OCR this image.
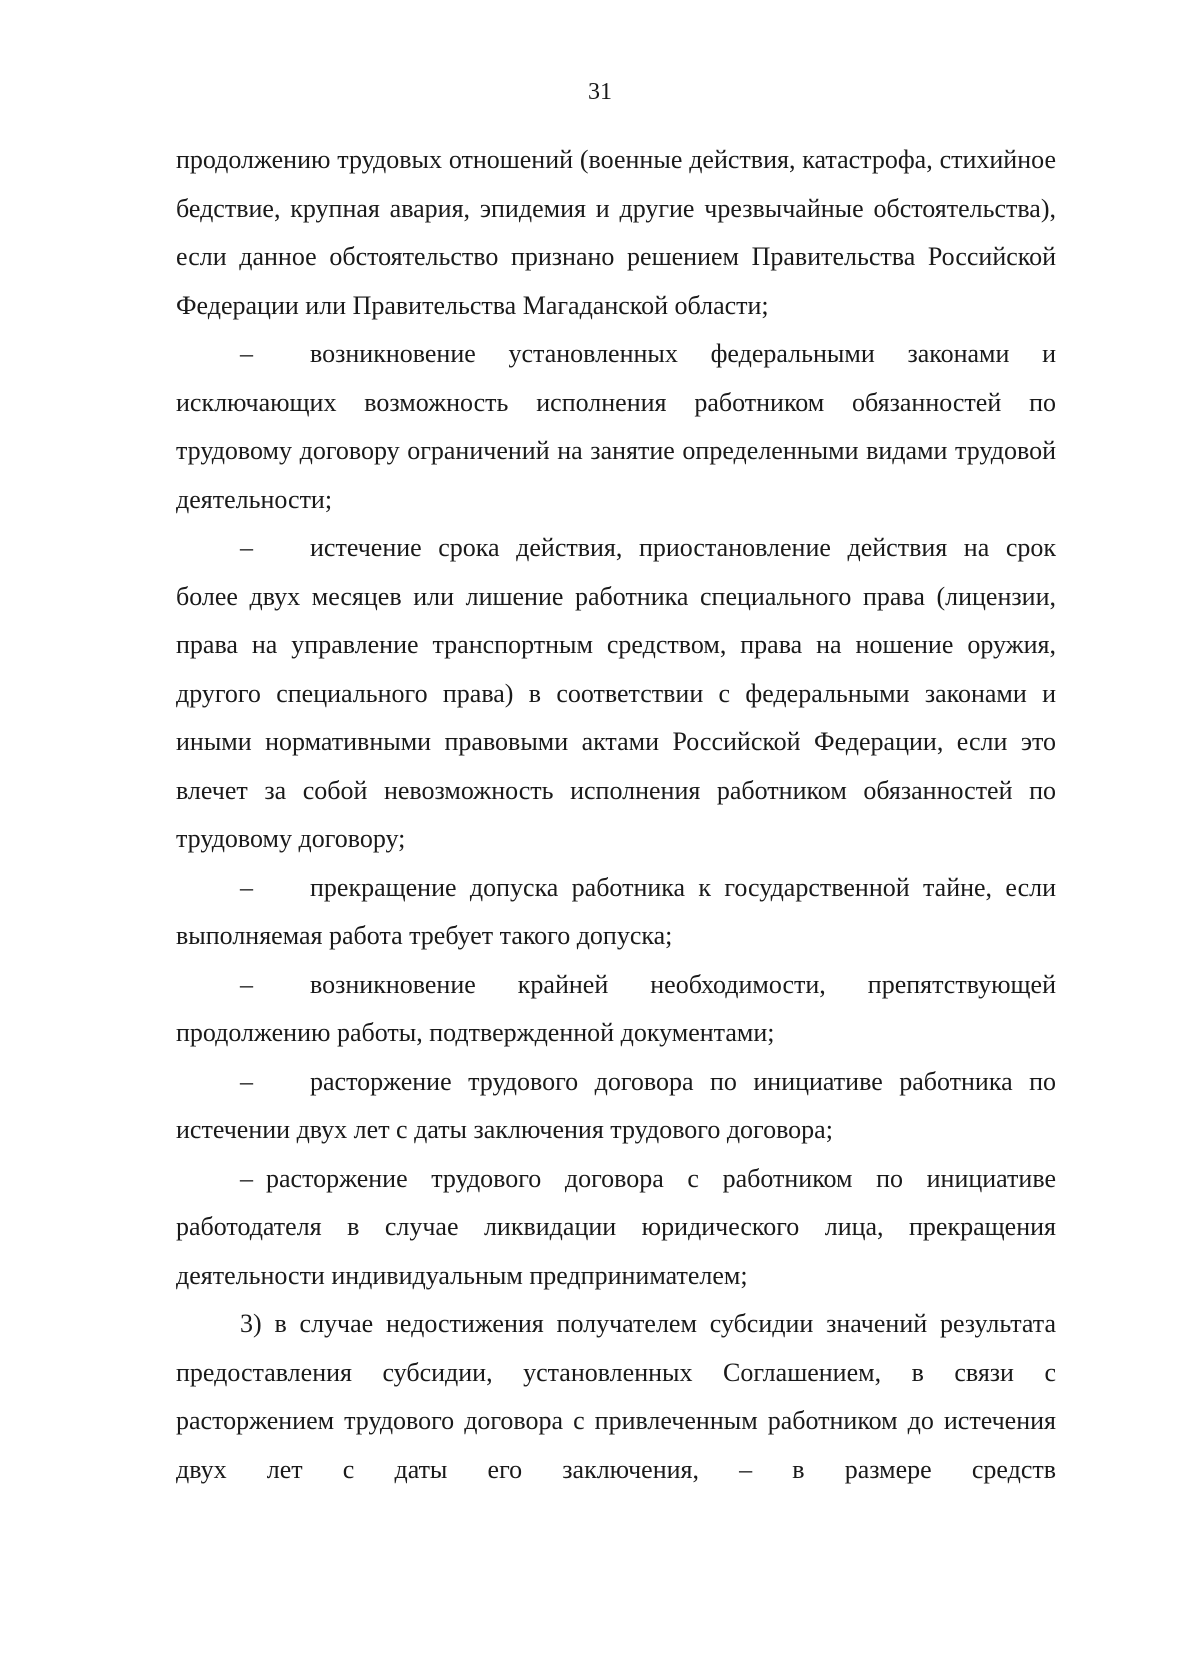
31

продолжению трудовых отношений (военные действия, катастрофа, стихийное бедствие, крупная авария, эпидемия и другие чрезвычайные обстоятельства), если данное обстоятельство признано решением Правительства Российской Федерации или Правительства Магаданской области;

– возникновение установленных федеральными законами и исключающих возможность исполнения работником обязанностей по трудовому договору ограничений на занятие определенными видами трудовой деятельности;

– истечение срока действия, приостановление действия на срок более двух месяцев или лишение работника специального права (лицензии, права на управление транспортным средством, права на ношение оружия, другого специального права) в соответствии с федеральными законами и иными нормативными правовыми актами Российской Федерации, если это влечет за собой невозможность исполнения работником обязанностей по трудовому договору;

– прекращение допуска работника к государственной тайне, если выполняемая работа требует такого допуска;

– возникновение крайней необходимости, препятствующей продолжению работы, подтвержденной документами;

– расторжение трудового договора по инициативе работника по истечении двух лет с даты заключения трудового договора;

– расторжение трудового договора с работником по инициативе работодателя в случае ликвидации юридического лица, прекращения деятельности индивидуальным предпринимателем;

3) в случае недостижения получателем субсидии значений результата предоставления субсидии, установленных Соглашением, в связи с расторжением трудового договора с привлеченным работником до истечения двух лет с даты его заключения, – в размере средств
